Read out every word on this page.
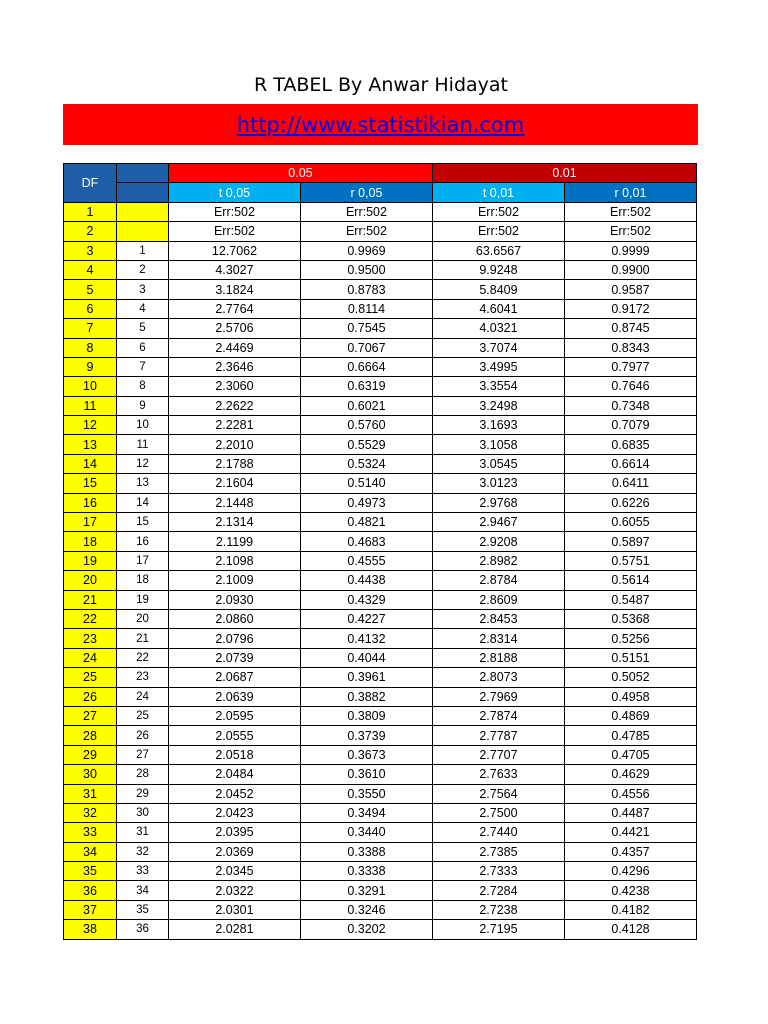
R TABEL By Anwar Hidayat
http://www.statistikian.com
DF		0.05		0.01	
		t 0,05	r 0,05	t 0,01	r 0,01
1		Err:502	Err:502	Err:502	Err:502
2		Err:502	Err:502	Err:502	Err:502
3	1	12.7062	0.9969	63.6567	0.9999
4	2	4.3027	0.9500	9.9248	0.9900
5	3	3.1824	0.8783	5.8409	0.9587
6	4	2.7764	0.8114	4.6041	0.9172
7	5	2.5706	0.7545	4.0321	0.8745
8	6	2.4469	0.7067	3.7074	0.8343
9	7	2.3646	0.6664	3.4995	0.7977
10	8	2.3060	0.6319	3.3554	0.7646
11	9	2.2622	0.6021	3.2498	0.7348
12	10	2.2281	0.5760	3.1693	0.7079
13	11	2.2010	0.5529	3.1058	0.6835
14	12	2.1788	0.5324	3.0545	0.6614
15	13	2.1604	0.5140	3.0123	0.6411
16	14	2.1448	0.4973	2.9768	0.6226
17	15	2.1314	0.4821	2.9467	0.6055
18	16	2.1199	0.4683	2.9208	0.5897
19	17	2.1098	0.4555	2.8982	0.5751
20	18	2.1009	0.4438	2.8784	0.5614
21	19	2.0930	0.4329	2.8609	0.5487
22	20	2.0860	0.4227	2.8453	0.5368
23	21	2.0796	0.4132	2.8314	0.5256
24	22	2.0739	0.4044	2.8188	0.5151
25	23	2.0687	0.3961	2.8073	0.5052
26	24	2.0639	0.3882	2.7969	0.4958
27	25	2.0595	0.3809	2.7874	0.4869
28	26	2.0555	0.3739	2.7787	0.4785
29	27	2.0518	0.3673	2.7707	0.4705
30	28	2.0484	0.3610	2.7633	0.4629
31	29	2.0452	0.3550	2.7564	0.4556
32	30	2.0423	0.3494	2.7500	0.4487
33	31	2.0395	0.3440	2.7440	0.4421
34	32	2.0369	0.3388	2.7385	0.4357
35	33	2.0345	0.3338	2.7333	0.4296
36	34	2.0322	0.3291	2.7284	0.4238
37	35	2.0301	0.3246	2.7238	0.4182
38	36	2.0281	0.3202	2.7195	0.4128
